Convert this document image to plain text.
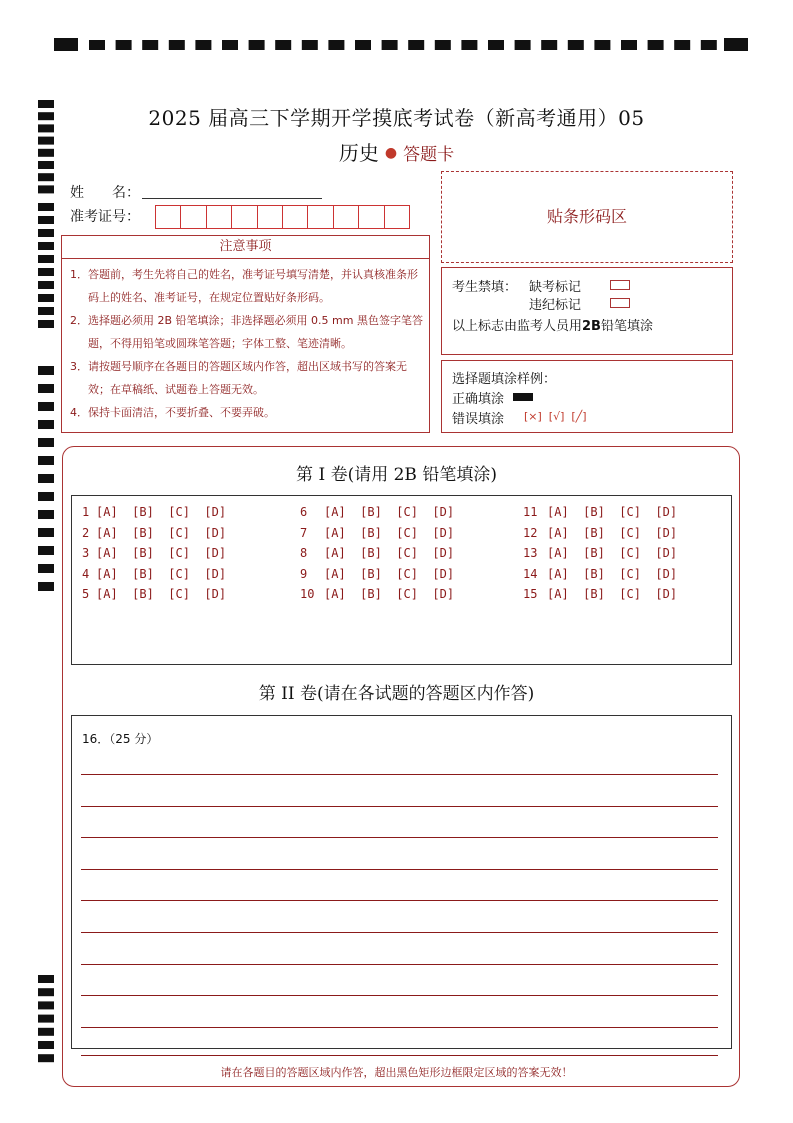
2025 届高三下学期开学摸底考试卷（新高考通用）05
历史 ● 答题卡
姓　　名：
准考证号：	贴条形码区
注意事项

1．答题前，考生先将自己的姓名，准考证号填写清楚，并认真核准条形码上的姓名、准考证号，在规定位置贴好条形码。

2．选择题必须用 2B 铅笔填涂；非选择题必须用 0.5 mm 黑色签字笔答题，不得用铅笔或圆珠笔答题；字体工整、笔迹清晰。

3．请按题号顺序在各题目的答题区域内作答，超出区域书写的答案无效；在草稿纸、试题卷上答题无效。

4．保持卡面清洁，不要折叠、不要弄破。

考生禁填： 缺考标记
违纪标记
以上标志由监考人员用2B铅笔填涂
选择题填涂样例：
正确填涂
错误填涂 [×]  [√]  [╱]
第 I 卷(请用 2B 铅笔填涂)
1 [A]  [B]  [C]  [D]
2 [A]  [B]  [C]  [D]
3 [A]  [B]  [C]  [D]
4 [A]  [B]  [C]  [D]
5 [A]  [B]  [C]  [D]
6 [A]  [B]  [C]  [D]
7 [A]  [B]  [C]  [D]
8 [A]  [B]  [C]  [D]
9 [A]  [B]  [C]  [D]
10 [A]  [B]  [C]  [D]
11 [A]  [B]  [C]  [D]
12 [A]  [B]  [C]  [D]
13 [A]  [B]  [C]  [D]
14 [A]  [B]  [C]  [D]
15 [A]  [B]  [C]  [D]
第 II 卷(请在各试题的答题区内作答)
16．（25 分）
请在各题目的答题区域内作答，超出黑色矩形边框限定区域的答案无效！
